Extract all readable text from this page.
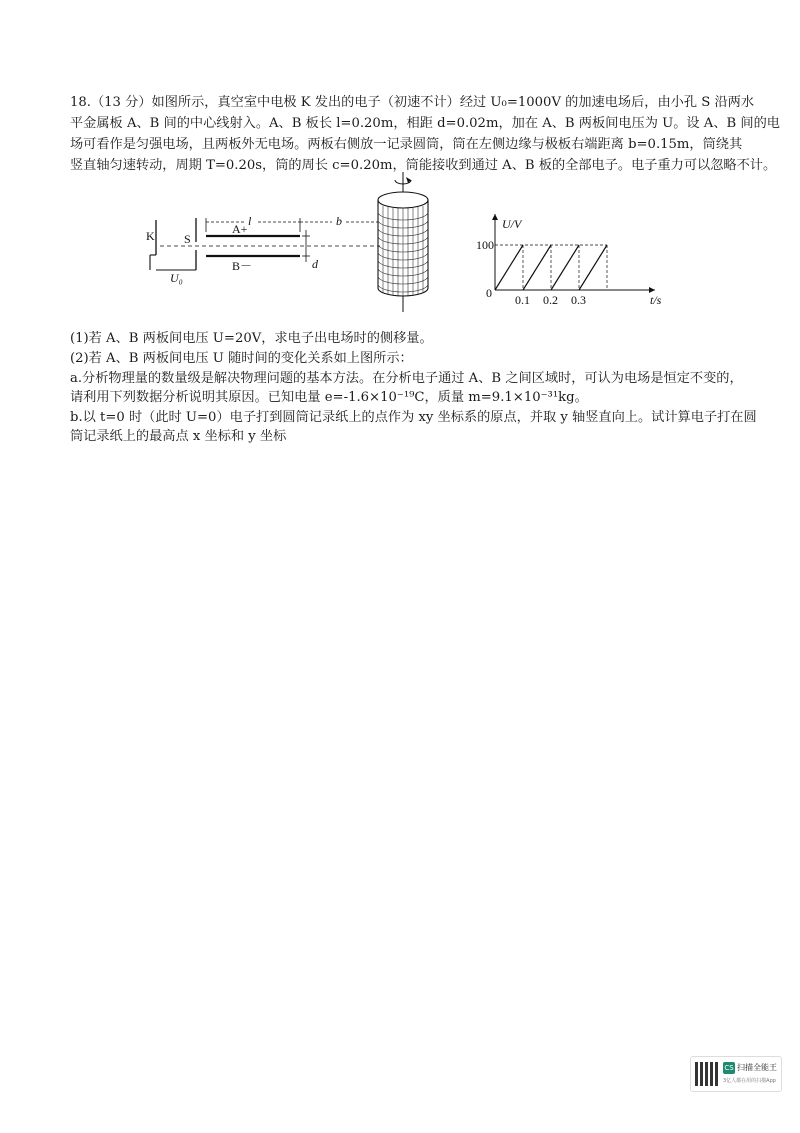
18.（13 分）如图所示，真空室中电极 K 发出的电子（初速不计）经过 U₀=1000V 的加速电场后，由小孔 S 沿两水
平金属板 A、B 间的中心线射入。A、B 板长 l=0.20m，相距 d=0.02m，加在 A、B 两板间电压为 U。设 A、B 间的电
场可看作是匀强电场，且两板外无电场。两板右侧放一记录圆筒，筒在左侧边缘与极板右端距离 b=0.15m，筒绕其
竖直轴匀速转动，周期 T=0.20s，筒的周长 c=0.20m，筒能接收到通过 A、B 板的全部电子。电子重力可以忽略不计。
K S
U₀
l
A+
B－	d
b	U/V
t/s
0
100
0.1 0.2 0.3
(1)若 A、B 两板间电压 U=20V，求电子出电场时的侧移量。
(2)若 A、B 两板间电压 U 随时间的变化关系如上图所示：
a.分析物理量的数量级是解决物理问题的基本方法。在分析电子通过 A、B 之间区域时，可认为电场是恒定不变的，
请利用下列数据分析说明其原因。已知电量 e=-1.6×10⁻¹⁹C，质量 m=9.1×10⁻³¹kg。
b.以 t=0 时（此时 U=0）电子打到圆筒记录纸上的点作为 xy 坐标系的原点，并取 y 轴竖直向上。试计算电子打在圆
筒记录纸上的最高点 x 坐标和 y 坐标
CS 扫描全能王
3亿人都在用的扫描App
